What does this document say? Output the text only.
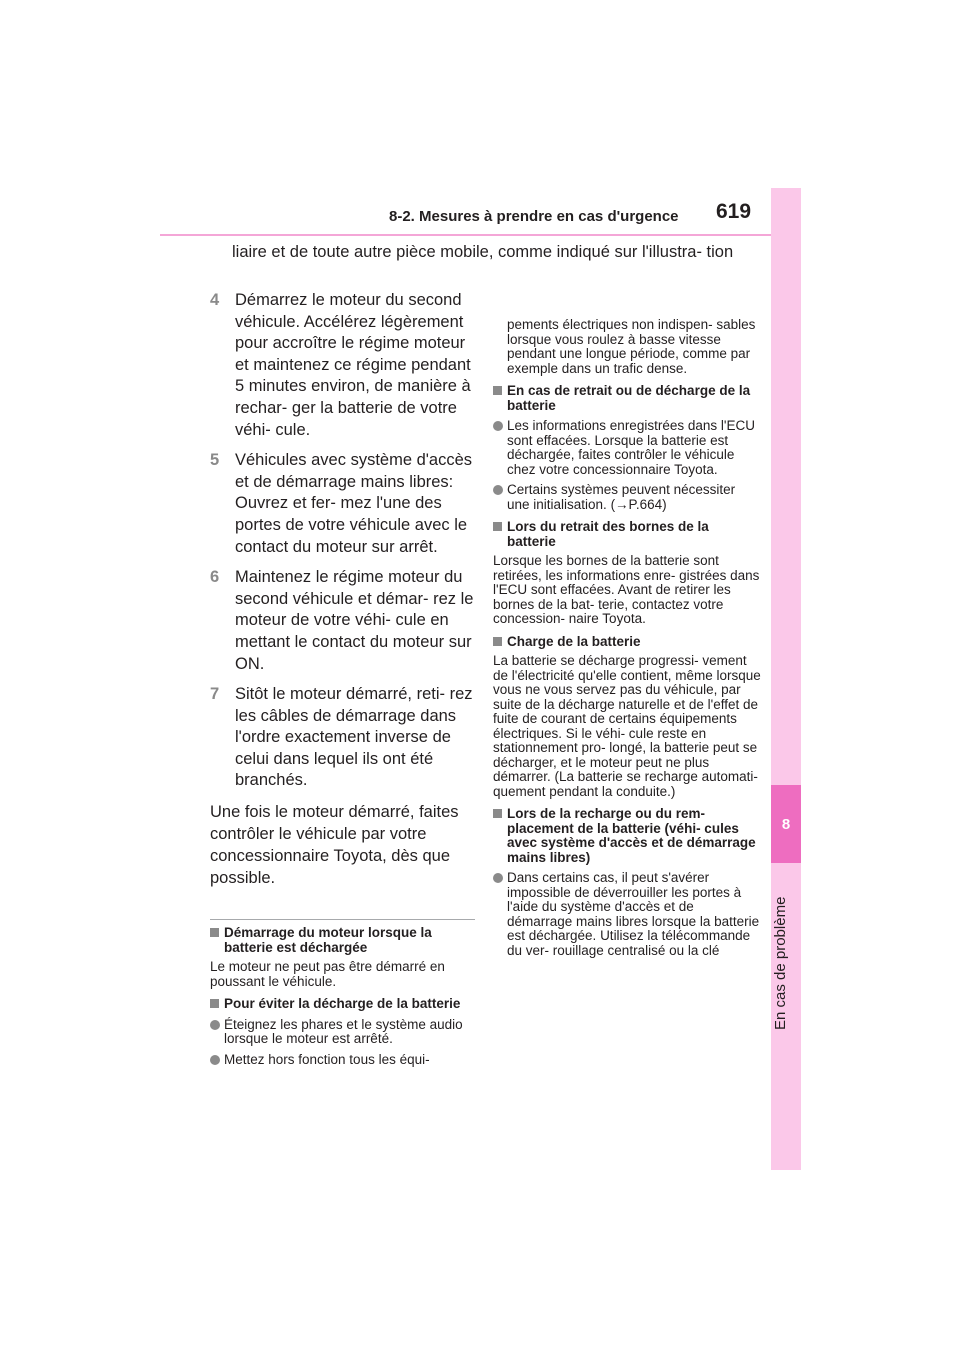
8-2. Mesures à prendre en cas d'urgence 619
8
En cas de problème
liaire et de toute autre pièce mobile, comme indiqué sur l'illustra- tion
4 Démarrez le moteur du second véhicule. Accélérez légèrement pour accroître le régime moteur et maintenez ce régime pendant 5 minutes environ, de manière à rechar- ger la batterie de votre véhi- cule.
5 Véhicules avec système d'accès et de démarrage mains libres: Ouvrez et fer- mez l'une des portes de votre véhicule avec le contact du moteur sur arrêt.
6 Maintenez le régime moteur du second véhicule et démar- rez le moteur de votre véhi- cule en mettant le contact du moteur sur ON.
7 Sitôt le moteur démarré, reti- rez les câbles de démarrage dans l'ordre exactement inverse de celui dans lequel ils ont été branchés.
Une fois le moteur démarré, faites contrôler le véhicule par votre concessionnaire Toyota, dès que possible.
Démarrage du moteur lorsque la batterie est déchargée
Le moteur ne peut pas être démarré en poussant le véhicule.
Pour éviter la décharge de la batterie
Éteignez les phares et le système audio lorsque le moteur est arrêté.
Mettez hors fonction tous les équi-
pements électriques non indispen- sables lorsque vous roulez à basse vitesse pendant une longue période, comme par exemple dans un trafic dense.
En cas de retrait ou de décharge de la batterie
Les informations enregistrées dans l'ECU sont effacées. Lorsque la batterie est déchargée, faites contrôler le véhicule chez votre concessionnaire Toyota.
Certains systèmes peuvent nécessiter une initialisation. (→P.664)
Lors du retrait des bornes de la batterie
Lorsque les bornes de la batterie sont retirées, les informations enre- gistrées dans l'ECU sont effacées. Avant de retirer les bornes de la bat- terie, contactez votre concession- naire Toyota.
Charge de la batterie
La batterie se décharge progressi- vement de l'électricité qu'elle contient, même lorsque vous ne vous servez pas du véhicule, par suite de la décharge naturelle et de l'effet de fuite de courant de certains équipements électriques. Si le véhi- cule reste en stationnement pro- longé, la batterie peut se décharger, et le moteur peut ne plus démarrer. (La batterie se recharge automati- quement pendant la conduite.)
Lors de la recharge ou du rem- placement de la batterie (véhi- cules avec système d'accès et de démarrage mains libres)
Dans certains cas, il peut s'avérer impossible de déverrouiller les portes à l'aide du système d'accès et de démarrage mains libres lorsque la batterie est déchargée. Utilisez la télécommande du ver- rouillage centralisé ou la clé
